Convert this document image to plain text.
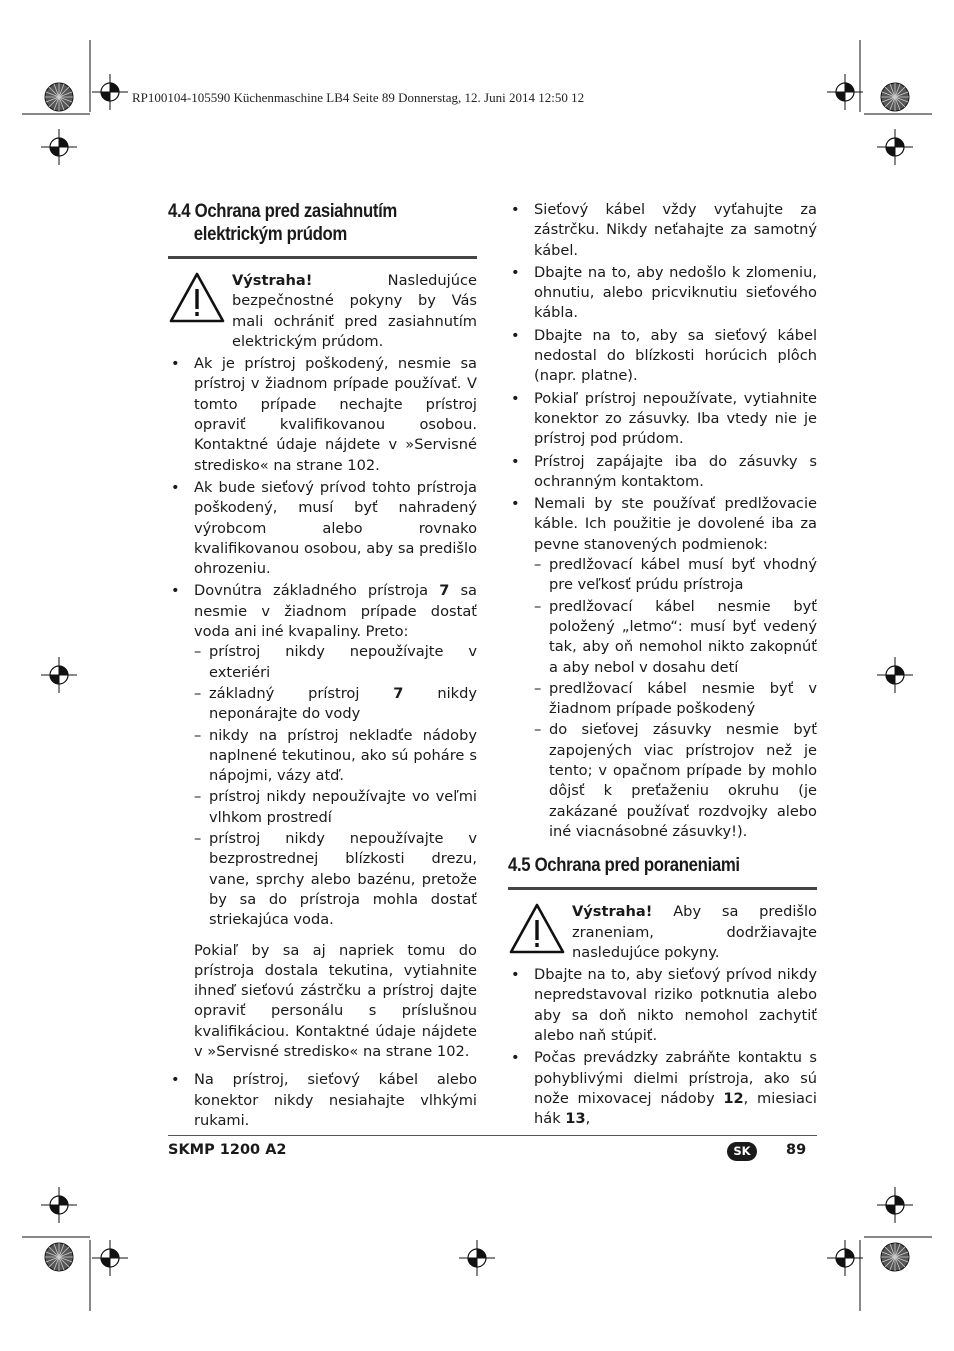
RP100104-105590 Küchenmaschine LB4 Seite 89 Donnerstag, 12. Juni 2014 12:50 12
4.4 Ochrana pred zasiahnutím
elektrickým prúdom
Výstraha! Nasledujúce bezpečnostné pokyny by Vás mali ochrániť pred zasiahnutím elektrickým prúdom.
• Ak je prístroj poškodený, nesmie sa prístroj v žiadnom prípade používať. V tomto prípade nechajte prístroj opraviť kvalifikovanou osobou. Kontaktné údaje nájdete v »Servisné stredisko« na strane 102.
• Ak bude sieťový prívod tohto prístroja poškodený, musí byť nahradený výrobcom alebo rovnako kvalifikovanou osobou, aby sa predišlo ohrozeniu.
• Dovnútra základného prístroja 7 sa nesmie v žiadnom prípade dostať voda ani iné kvapaliny. Preto:
– prístroj nikdy nepoužívajte v exteriéri
– základný prístroj 7 nikdy neponárajte do vody
– nikdy na prístroj nekladťe nádoby naplnené tekutinou, ako sú poháre s nápojmi, vázy atď.
– prístroj nikdy nepoužívajte vo veľmi vlhkom prostredí
– prístroj nikdy nepoužívajte v bezprostrednej blízkosti drezu, vane, sprchy alebo bazénu, pretože by sa do prístroja mohla dostať striekajúca voda.
Pokiaľ by sa aj napriek tomu do prístroja dostala tekutina, vytiahnite ihneď sieťovú zástrčku a prístroj dajte opraviť personálu s príslušnou kvalifikáciou. Kontaktné údaje nájdete v »Servisné stredisko« na strane 102.
• Na prístroj, sieťový kábel alebo konektor nikdy nesiahajte vlhkými rukami.
• Sieťový kábel vždy vyťahujte za zástrčku. Nikdy neťahajte za samotný kábel.
• Dbajte na to, aby nedošlo k zlomeniu, ohnutiu, alebo pricviknutiu sieťového kábla.
• Dbajte na to, aby sa sieťový kábel nedostal do blízkosti horúcich plôch (napr. platne).
• Pokiaľ prístroj nepoužívate, vytiahnite konektor zo zásuvky. Iba vtedy nie je prístroj pod prúdom.
• Prístroj zapájajte iba do zásuvky s ochranným kontaktom.
• Nemali by ste používať predlžovacie káble. Ich použitie je dovolené iba za pevne stanovených podmienok:
– predlžovací kábel musí byť vhodný pre veľkosť prúdu prístroja
– predlžovací kábel nesmie byť položený „letmo“: musí byť vedený tak, aby oň nemohol nikto zakopnúť a aby nebol v dosahu detí
– predlžovací kábel nesmie byť v žiadnom prípade poškodený
– do sieťovej zásuvky nesmie byť zapojených viac prístrojov než je tento; v opačnom prípade by mohlo dôjsť k preťaženiu okruhu (je zakázané používať rozdvojky alebo iné viacnásobné zásuvky!).
4.5 Ochrana pred poraneniami
Výstraha! Aby sa predišlo zraneniam, dodržiavajte nasledujúce pokyny.
• Dbajte na to, aby sieťový prívod nikdy nepredstavoval riziko potknutia alebo aby sa doň nikto nemohol zachytiť alebo naň stúpiť.
• Počas prevádzky zabráňte kontaktu s pohyblivými dielmi prístroja, ako sú nože mixovacej nádoby 12, miesiaci hák 13,
SKMP 1200 A2	SK	89
